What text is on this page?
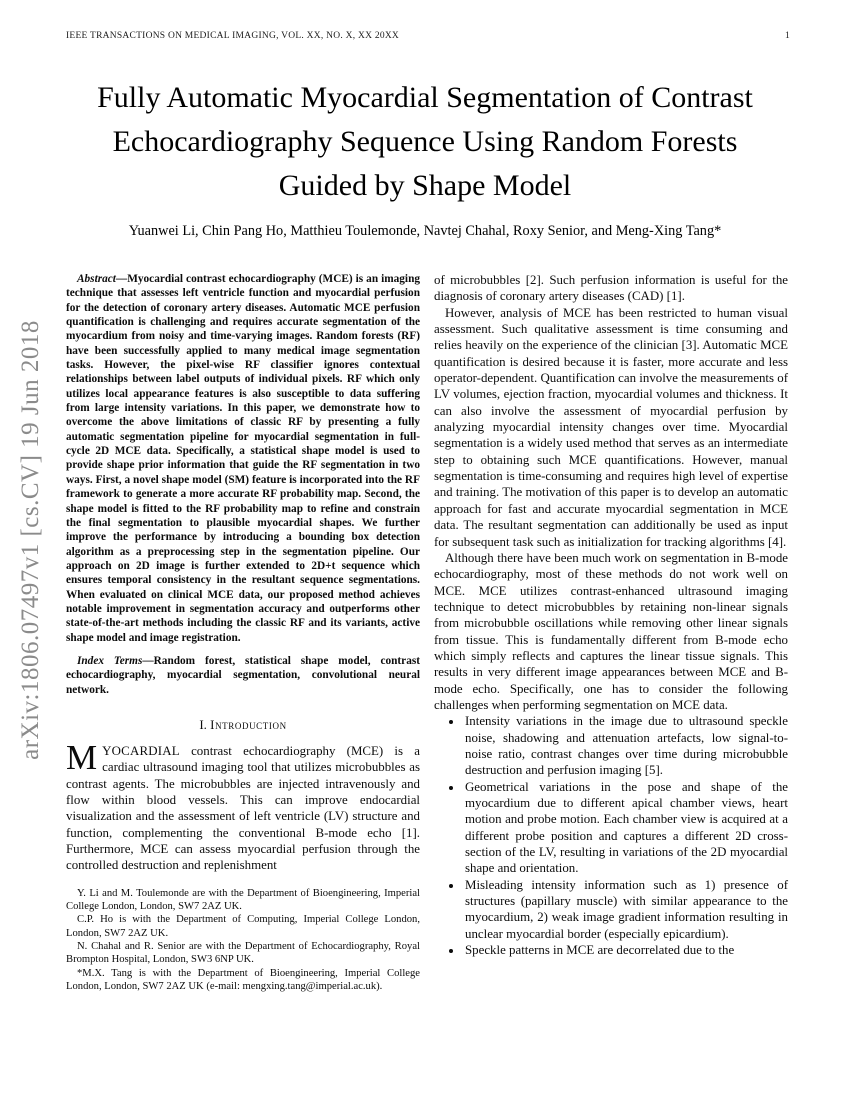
IEEE TRANSACTIONS ON MEDICAL IMAGING, VOL. XX, NO. X, XX 20XX	1
arXiv:1806.07497v1 [cs.CV] 19 Jun 2018
Fully Automatic Myocardial Segmentation of Contrast Echocardiography Sequence Using Random Forests Guided by Shape Model
Yuanwei Li, Chin Pang Ho, Matthieu Toulemonde, Navtej Chahal, Roxy Senior, and Meng-Xing Tang*

Abstract—Myocardial contrast echocardiography (MCE) is an imaging technique that assesses left ventricle function and myocardial perfusion for the detection of coronary artery diseases. Automatic MCE perfusion quantification is challenging and requires accurate segmentation of the myocardium from noisy and time-varying images. Random forests (RF) have been successfully applied to many medical image segmentation tasks. However, the pixel-wise RF classifier ignores contextual relationships between label outputs of individual pixels. RF which only utilizes local appearance features is also susceptible to data suffering from large intensity variations. In this paper, we demonstrate how to overcome the above limitations of classic RF by presenting a fully automatic segmentation pipeline for myocardial segmentation in full-cycle 2D MCE data. Specifically, a statistical shape model is used to provide shape prior information that guide the RF segmentation in two ways. First, a novel shape model (SM) feature is incorporated into the RF framework to generate a more accurate RF probability map. Second, the shape model is fitted to the RF probability map to refine and constrain the final segmentation to plausible myocardial shapes. We further improve the performance by introducing a bounding box detection algorithm as a preprocessing step in the segmentation pipeline. Our approach on 2D image is further extended to 2D+t sequence which ensures temporal consistency in the resultant sequence segmentations. When evaluated on clinical MCE data, our proposed method achieves notable improvement in segmentation accuracy and outperforms other state-of-the-art methods including the classic RF and its variants, active shape model and image registration.

Index Terms—Random forest, statistical shape model, contrast echocardiography, myocardial segmentation, convolutional neural network.

I. Introduction

MYOCARDIAL contrast echocardiography (MCE) is a cardiac ultrasound imaging tool that utilizes microbubbles as contrast agents. The microbubbles are injected intravenously and flow within blood vessels. This can improve endocardial visualization and the assessment of left ventricle (LV) structure and function, complementing the conventional B-mode echo [1]. Furthermore, MCE can assess myocardial perfusion through the controlled destruction and replenishment

Y. Li and M. Toulemonde are with the Department of Bioengineering, Imperial College London, London, SW7 2AZ UK.

C.P. Ho is with the Department of Computing, Imperial College London, London, SW7 2AZ UK.

N. Chahal and R. Senior are with the Department of Echocardiography, Royal Brompton Hospital, London, SW3 6NP UK.

*M.X. Tang is with the Department of Bioengineering, Imperial College London, London, SW7 2AZ UK (e-mail: mengxing.tang@imperial.ac.uk).

of microbubbles [2]. Such perfusion information is useful for the diagnosis of coronary artery diseases (CAD) [1].

However, analysis of MCE has been restricted to human visual assessment. Such qualitative assessment is time consuming and relies heavily on the experience of the clinician [3]. Automatic MCE quantification is desired because it is faster, more accurate and less operator-dependent. Quantification can involve the measurements of LV volumes, ejection fraction, myocardial volumes and thickness. It can also involve the assessment of myocardial perfusion by analyzing myocardial intensity changes over time. Myocardial segmentation is a widely used method that serves as an intermediate step to obtaining such MCE quantifications. However, manual segmentation is time-consuming and requires high level of expertise and training. The motivation of this paper is to develop an automatic approach for fast and accurate myocardial segmentation in MCE data. The resultant segmentation can additionally be used as input for subsequent task such as initialization for tracking algorithms [4].

Although there have been much work on segmentation in B-mode echocardiography, most of these methods do not work well on MCE. MCE utilizes contrast-enhanced ultrasound imaging technique to detect microbubbles by retaining non-linear signals from microbubble oscillations while removing other linear signals from tissue. This is fundamentally different from B-mode echo which simply reflects and captures the linear tissue signals. This results in very different image appearances between MCE and B-mode echo. Specifically, one has to consider the following challenges when performing segmentation on MCE data.

• Intensity variations in the image due to ultrasound speckle noise, shadowing and attenuation artefacts, low signal-to-noise ratio, contrast changes over time during microbubble destruction and perfusion imaging [5].
• Geometrical variations in the pose and shape of the myocardium due to different apical chamber views, heart motion and probe motion. Each chamber view is acquired at a different probe position and captures a different 2D cross-section of the LV, resulting in variations of the 2D myocardial shape and orientation.
• Misleading intensity information such as 1) presence of structures (papillary muscle) with similar appearance to the myocardium, 2) weak image gradient information resulting in unclear myocardial border (especially epicardium).
• Speckle patterns in MCE are decorrelated due to the
